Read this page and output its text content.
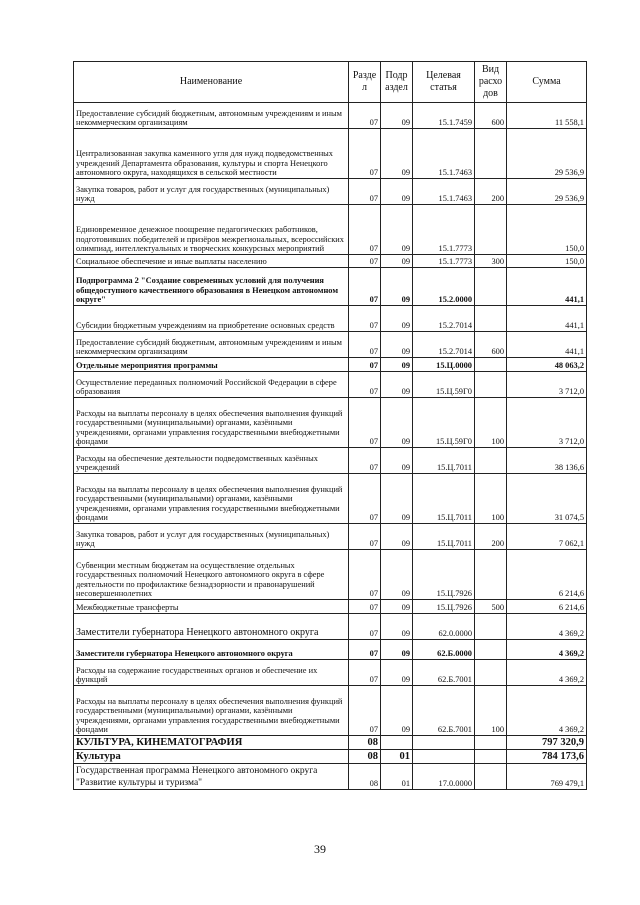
Наименование	Разде л	Подр аздел	Целевая статья	Вид расхо дов	Сумма
Предоставление субсидий бюджетным, автономным учреждениям и иным некоммерческим организациям	07	09	15.1.7459	600	11 558,1
Централизованная закупка каменного угля для нужд подведомственных учреждений Департамента образования, культуры и спорта Ненецкого автономного округа, находящихся в сельской местности	07	09	15.1.7463		29 536,9
Закупка товаров, работ и услуг для государственных (муниципальных) нужд	07	09	15.1.7463	200	29 536,9
Единовременное денежное поощрение педагогических работников, подготовивших победителей и призёров межрегиональных, всероссийских олимпиад, интеллектуальных и творческих конкурсных мероприятий	07	09	15.1.7773		150,0
Социальное обеспечение и иные выплаты населению	07	09	15.1.7773	300	150,0
Подпрограмма 2 "Создание современных условий для получения общедоступного качественного образования в Ненецком автономном округе"	07	09	15.2.0000		441,1
Субсидии бюджетным учреждениям на приобретение основных средств	07	09	15.2.7014		441,1
Предоставление субсидий бюджетным, автономным учреждениям и иным некоммерческим организациям	07	09	15.2.7014	600	441,1
Отдельные мероприятия программы	07	09	15.Ц.0000		48 063,2
Осуществление переданных полномочий Российской Федерации в сфере образования	07	09	15.Ц.59Г0		3 712,0
Расходы на выплаты персоналу в целях обеспечения выполнения функций государственными (муниципальными) органами, казёнными учреждениями, органами управления государственными внебюджетными фондами	07	09	15.Ц.59Г0	100	3 712,0
Расходы на обеспечение деятельности подведомственных казённых учреждений	07	09	15.Ц.7011		38 136,6
Расходы на выплаты персоналу в целях обеспечения выполнения функций государственными (муниципальными) органами, казёнными учреждениями, органами управления государственными внебюджетными фондами	07	09	15.Ц.7011	100	31 074,5
Закупка товаров, работ и услуг для государственных (муниципальных) нужд	07	09	15.Ц.7011	200	7 062,1
Субвенции местным бюджетам на осуществление отдельных государственных полномочий Ненецкого автономного округа в сфере деятельности по профилактике безнадзорности и правонарушений несовершеннолетних	07	09	15.Ц.7926		6 214,6
Межбюджетные трансферты	07	09	15.Ц.7926	500	6 214,6
Заместители губернатора Ненецкого автономного округа	07	09	62.0.0000		4 369,2
Заместители губернатора Ненецкого автономного округа	07	09	62.Б.0000		4 369,2
Расходы на содержание государственных органов и обеспечение их функций	07	09	62.Б.7001		4 369,2
Расходы на выплаты персоналу в целях обеспечения выполнения функций государственными (муниципальными) органами, казёнными учреждениями, органами управления государственными внебюджетными фондами	07	09	62.Б.7001	100	4 369,2
КУЛЬТУРА, КИНЕМАТОГРАФИЯ	08				797 320,9
Культура	08	01			784 173,6
Государственная программа Ненецкого автономного округа "Развитие культуры и туризма"	08	01	17.0.0000		769 479,1
39
